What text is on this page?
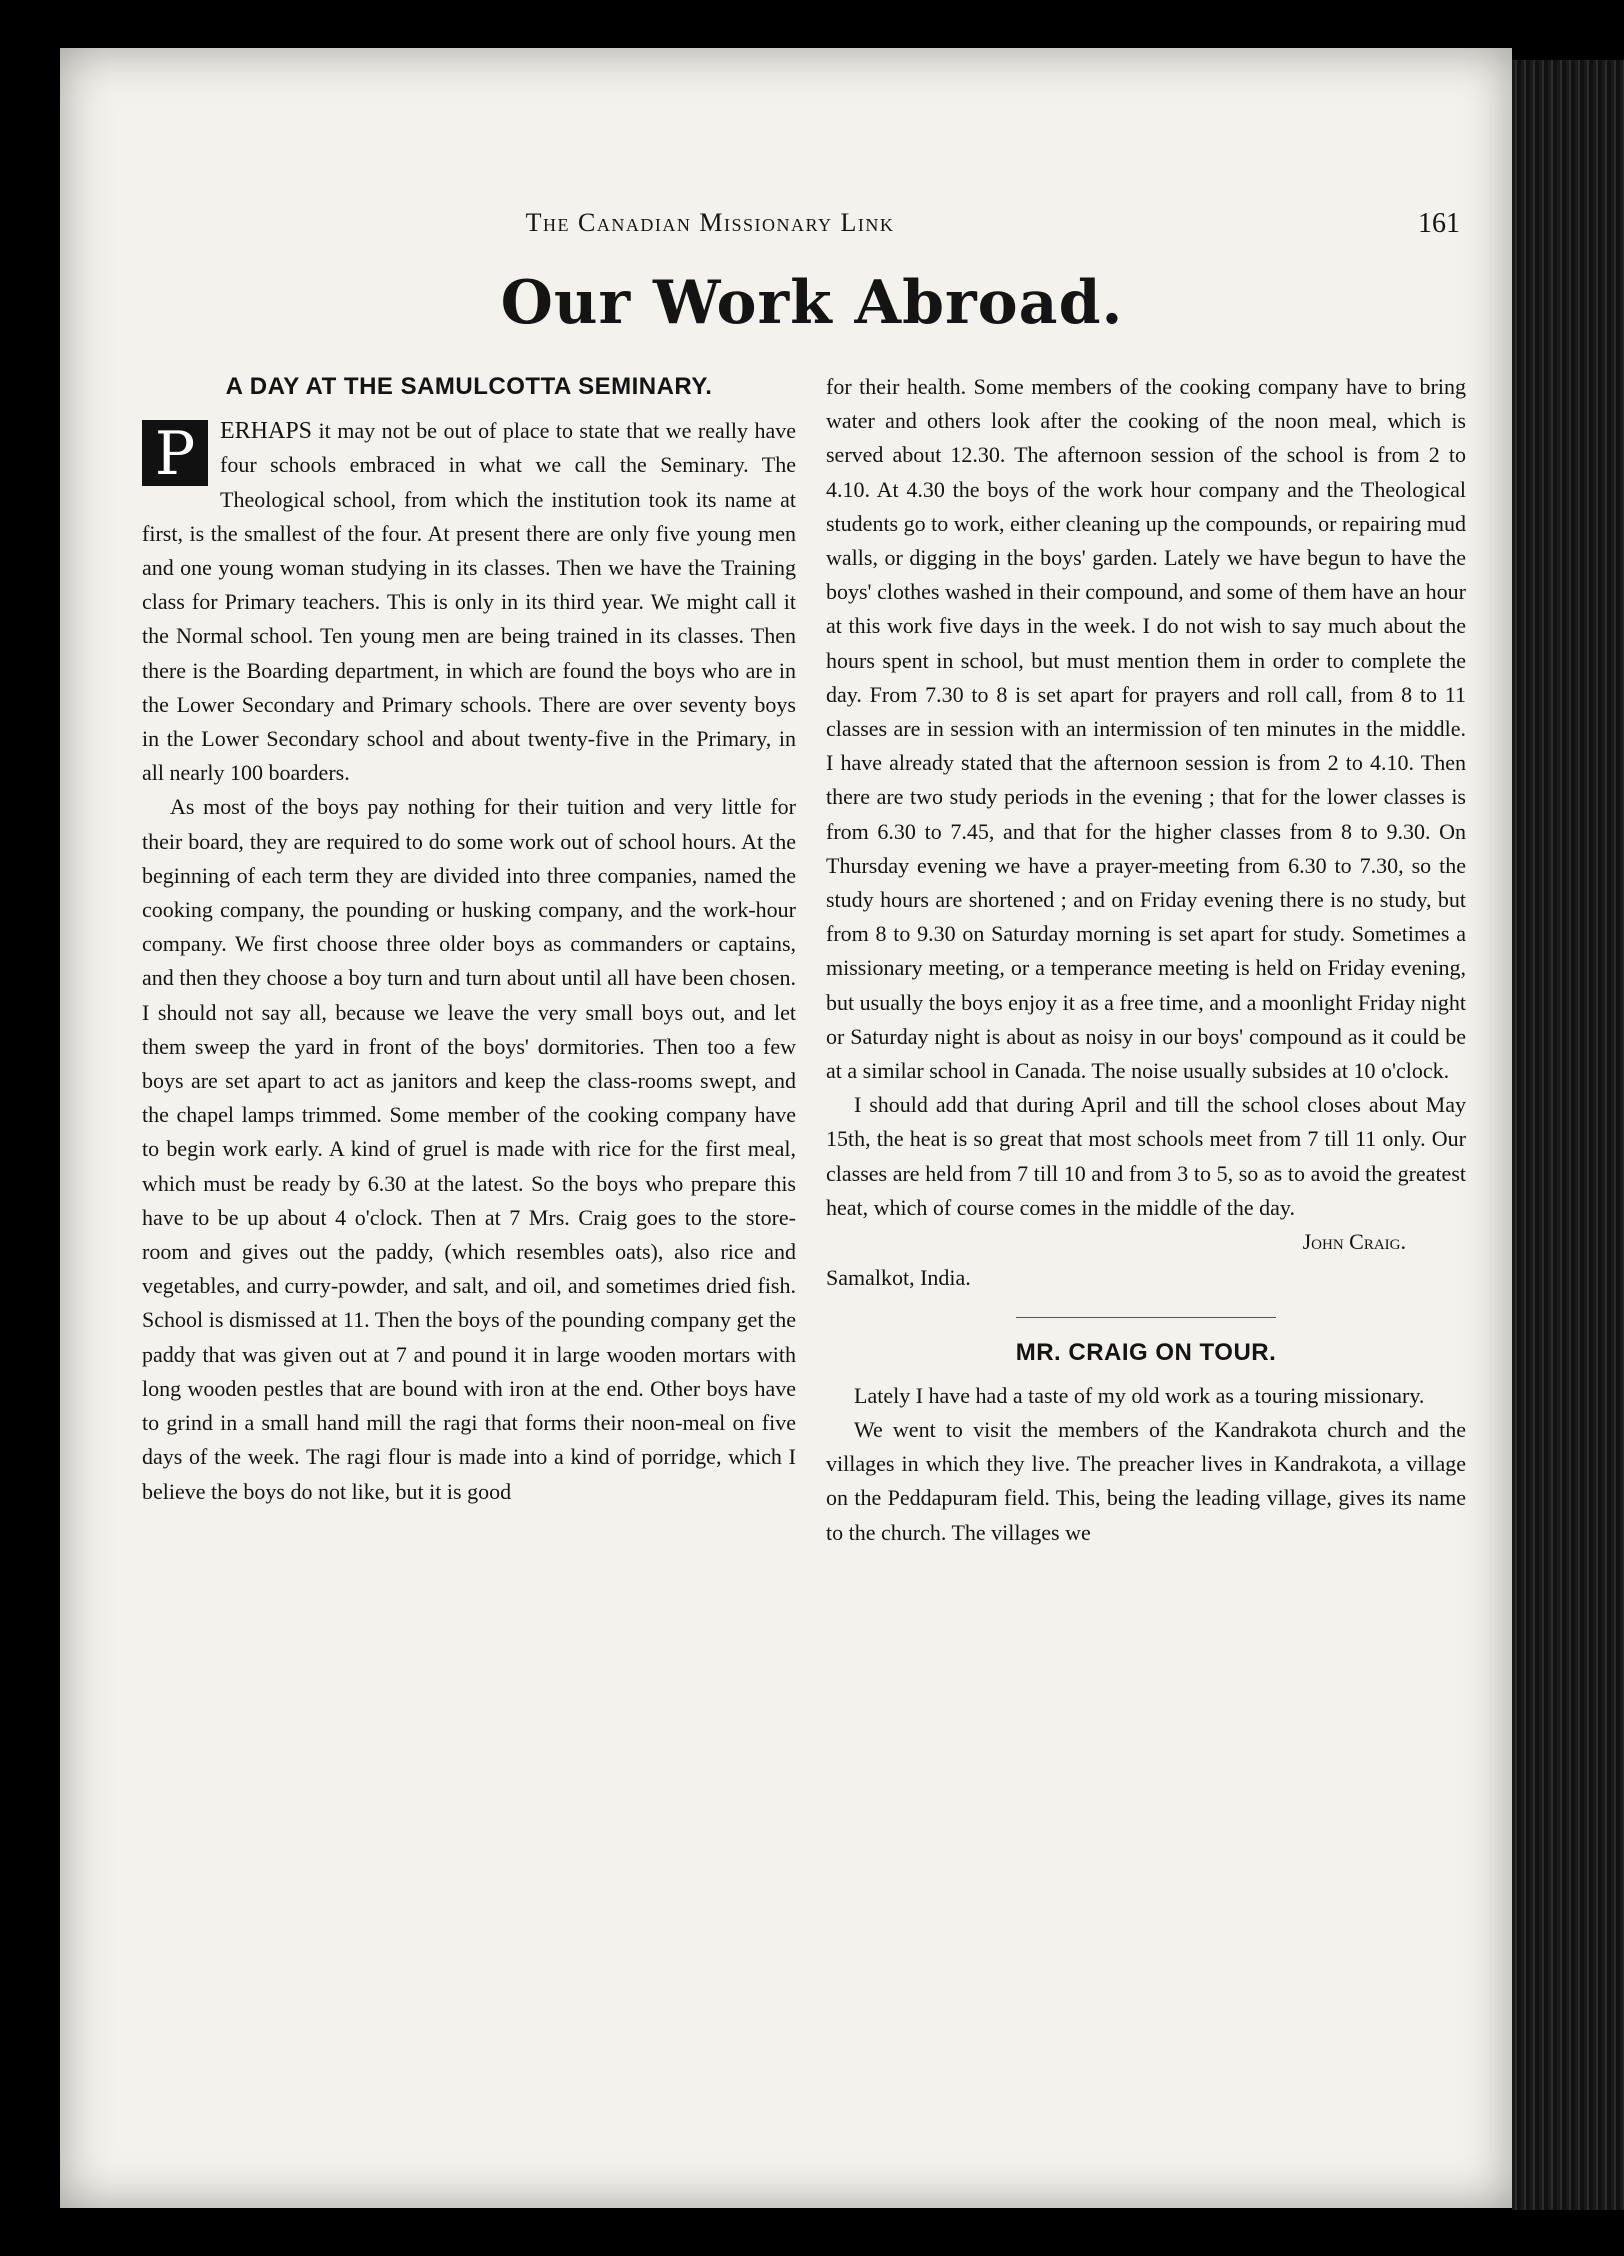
The Canadian Missionary Link	161
Our Work Abroad.
A DAY AT THE SAMULCOTTA SEMINARY.

P	ERHAPS it may not be out of place to state that we really have four schools embraced in what we call the Seminary. The Theological school, from which the institution took its name at first, is the smallest of the four. At present there are only five young men and one young woman studying in its classes. Then we have the Training class for Primary teachers. This is only in its third year. We might call it the Normal school. Ten young men are being trained in its classes. Then there is the Boarding department, in which are found the boys who are in the Lower Secondary and Primary schools. There are over seventy boys in the Lower Secondary school and about twenty-five in the Primary, in all nearly 100 boarders.

As most of the boys pay nothing for their tuition and very little for their board, they are required to do some work out of school hours. At the beginning of each term they are divided into three companies, named the cooking company, the pounding or husking company, and the work-hour company. We first choose three older boys as commanders or captains, and then they choose a boy turn and turn about until all have been chosen. I should not say all, because we leave the very small boys out, and let them sweep the yard in front of the boys' dormitories. Then too a few boys are set apart to act as janitors and keep the class-rooms swept, and the chapel lamps trimmed. Some member of the cooking company have to begin work early. A kind of gruel is made with rice for the first meal, which must be ready by 6.30 at the latest. So the boys who prepare this have to be up about 4 o'clock. Then at 7 Mrs. Craig goes to the store-room and gives out the paddy, (which resembles oats), also rice and vegetables, and curry-powder, and salt, and oil, and sometimes dried fish. School is dismissed at 11. Then the boys of the pounding company get the paddy that was given out at 7 and pound it in large wooden mortars with long wooden pestles that are bound with iron at the end. Other boys have to grind in a small hand mill the ragi that forms their noon-meal on five days of the week. The ragi flour is made into a kind of porridge, which I believe the boys do not like, but it is good

for their health. Some members of the cooking company have to bring water and others look after the cooking of the noon meal, which is served about 12.30. The afternoon session of the school is from 2 to 4.10. At 4.30 the boys of the work hour company and the Theological students go to work, either cleaning up the compounds, or repairing mud walls, or digging in the boys' garden. Lately we have begun to have the boys' clothes washed in their compound, and some of them have an hour at this work five days in the week. I do not wish to say much about the hours spent in school, but must mention them in order to complete the day. From 7.30 to 8 is set apart for prayers and roll call, from 8 to 11 classes are in session with an intermission of ten minutes in the middle. I have already stated that the afternoon session is from 2 to 4.10. Then there are two study periods in the evening ; that for the lower classes is from 6.30 to 7.45, and that for the higher classes from 8 to 9.30. On Thursday evening we have a prayer-meeting from 6.30 to 7.30, so the study hours are shortened ; and on Friday evening there is no study, but from 8 to 9.30 on Saturday morning is set apart for study. Sometimes a missionary meeting, or a temperance meeting is held on Friday evening, but usually the boys enjoy it as a free time, and a moonlight Friday night or Saturday night is about as noisy in our boys' compound as it could be at a similar school in Canada. The noise usually subsides at 10 o'clock.

I should add that during April and till the school closes about May 15th, the heat is so great that most schools meet from 7 till 11 only. Our classes are held from 7 till 10 and from 3 to 5, so as to avoid the greatest heat, which of course comes in the middle of the day.

John Craig.
Samalkot, India.
MR. CRAIG ON TOUR.

Lately I have had a taste of my old work as a touring missionary.

We went to visit the members of the Kandrakota church and the villages in which they live. The preacher lives in Kandrakota, a village on the Peddapuram field. This, being the leading village, gives its name to the church. The villages we
